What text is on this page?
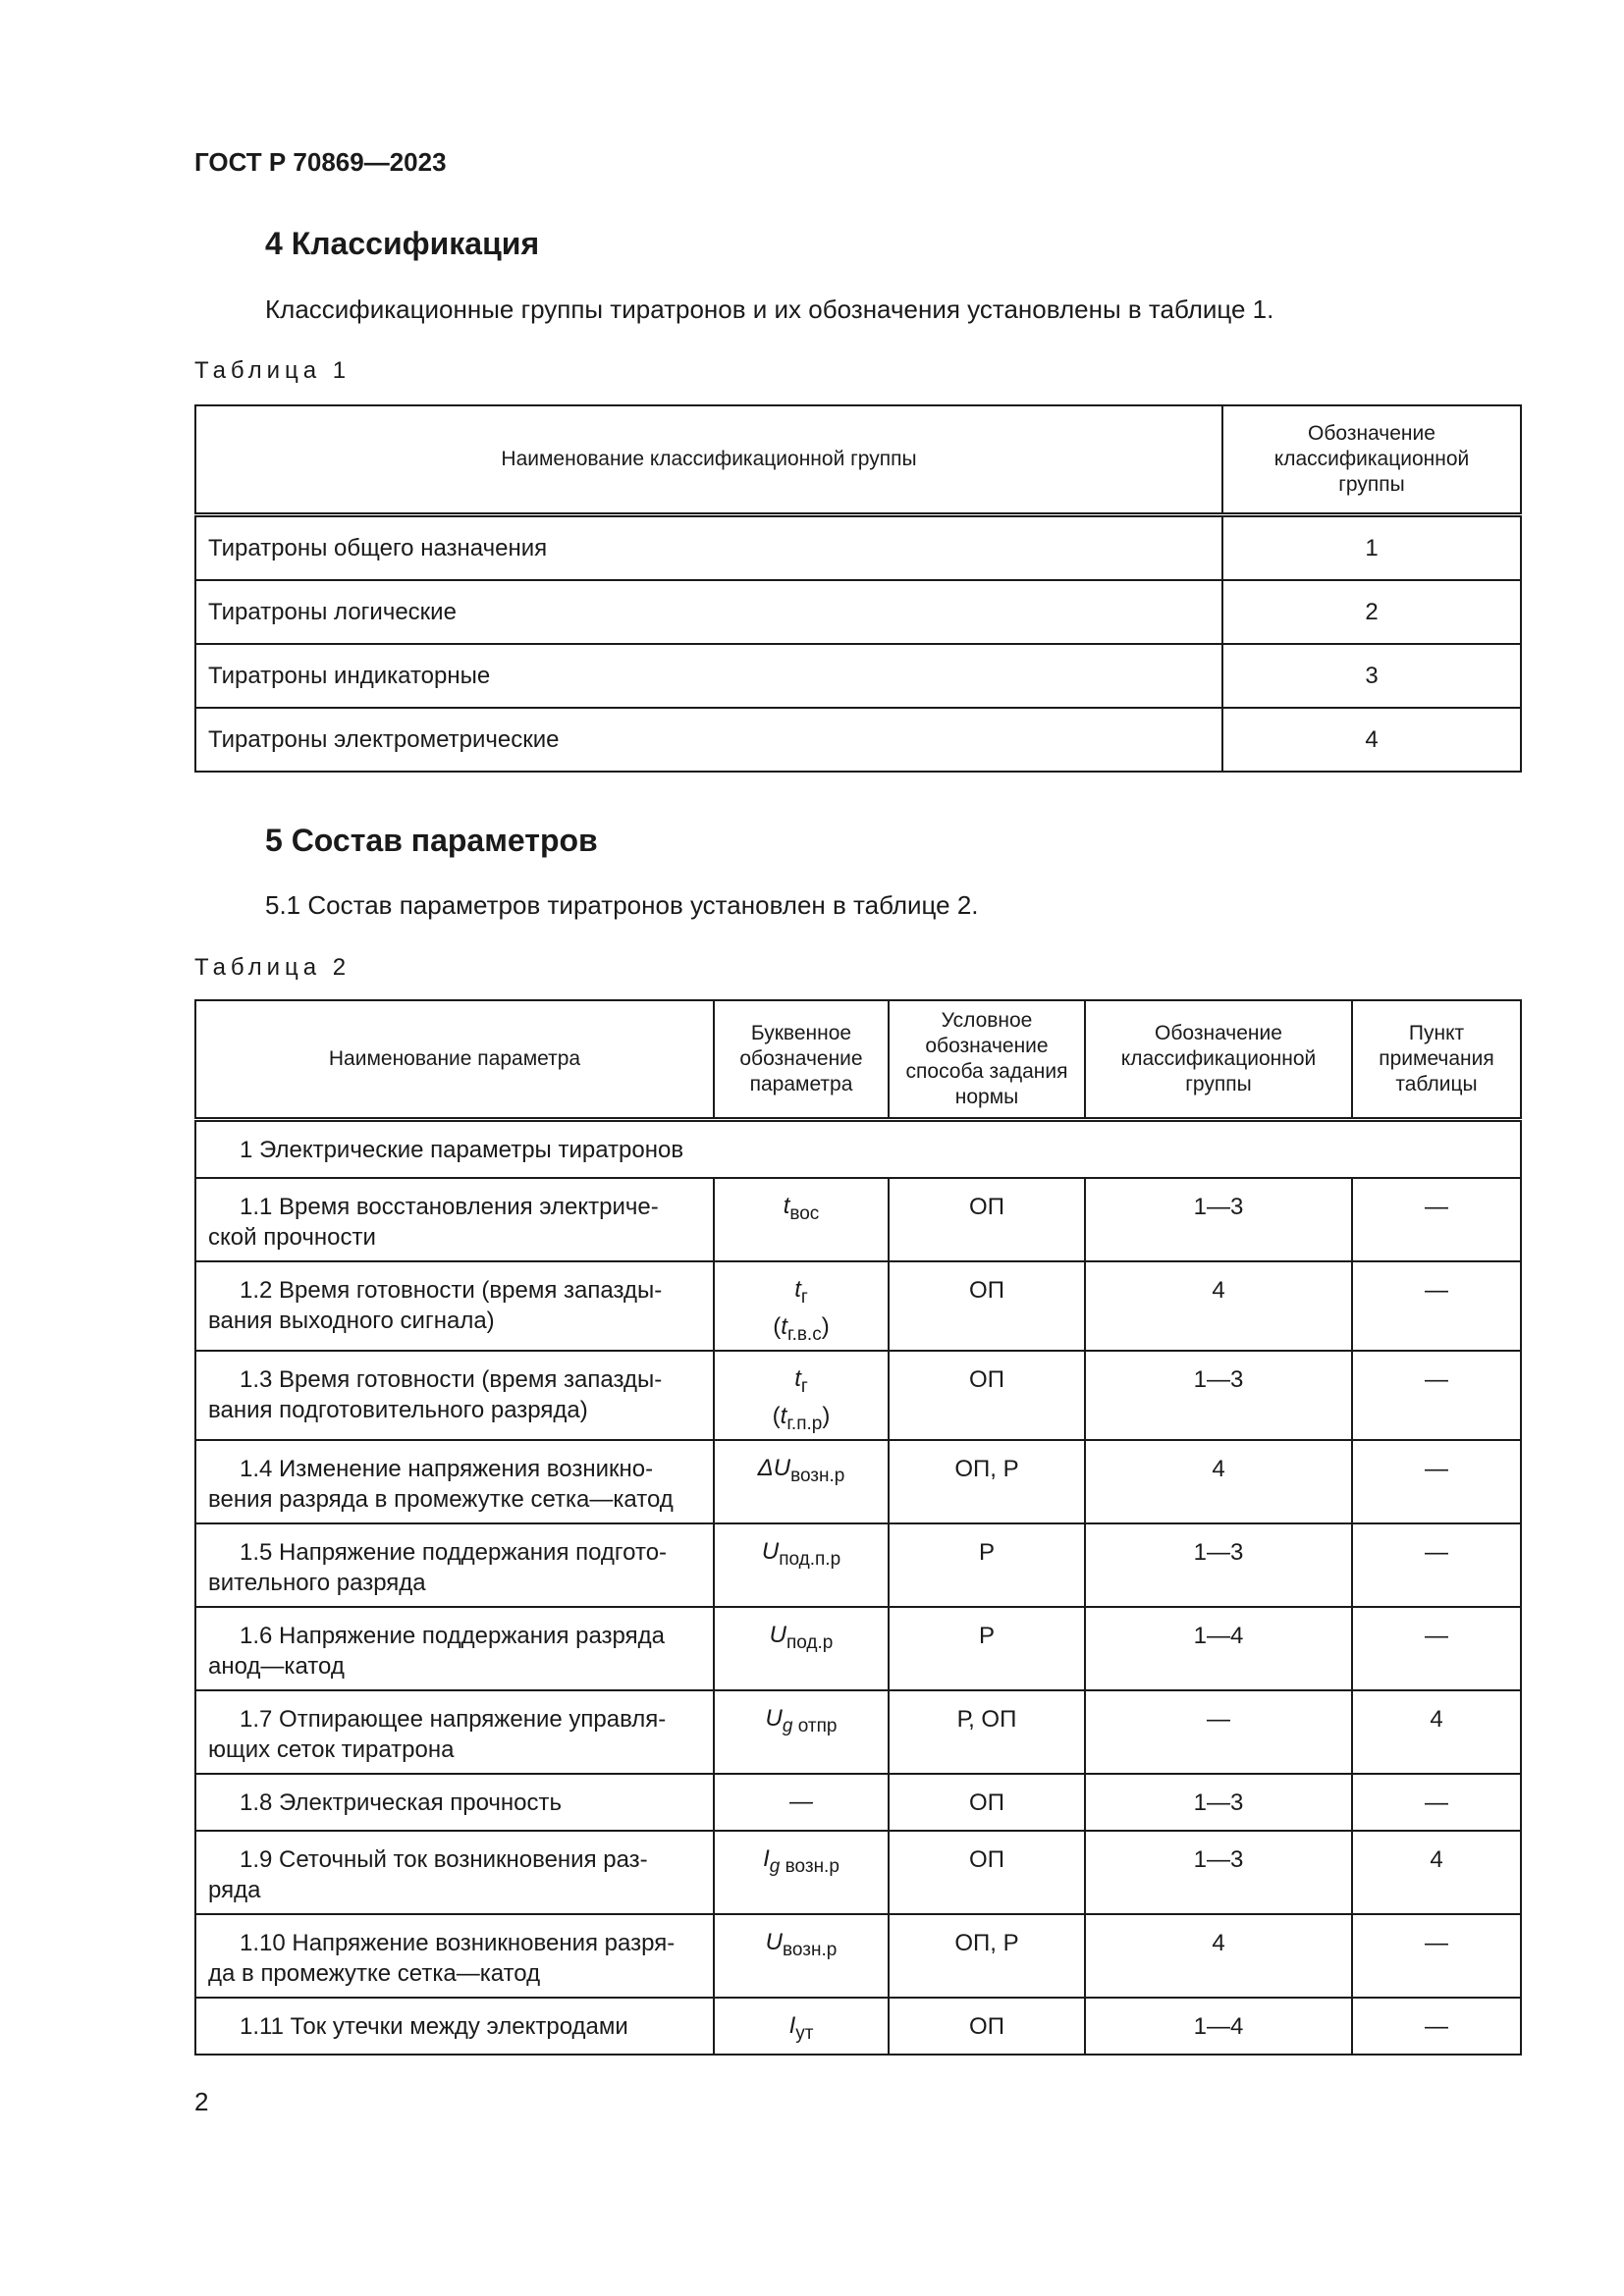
ГОСТ Р 70869—2023
4 Классификация
Классификационные группы тиратронов и их обозначения установлены в таблице 1.
Таблица 1
Наименование классификационной группы	Обозначение классификационной группы
Тиратроны общего назначения	1
Тиратроны логические	2
Тиратроны индикаторные	3
Тиратроны электрометрические	4
5 Состав параметров
5.1 Состав параметров тиратронов установлен в таблице 2.
Таблица 2
Наименование параметра	Буквенное обозначение параметра	Условное обозначение способа задания нормы	Обозначение классификационной группы	Пункт примечания таблицы
1 Электрические параметры тиратронов				
1.1 Время восстановления электриче-
ской прочности	$t_{вос}$	ОП	1—3	—
1.2 Время готовности (время запазды-
вания выходного сигнала)	$t_г$
$(t_{г.в.с})$	ОП	4	—
1.3 Время готовности (время запазды-
вания подготовительного разряда)	$t_г$
$(t_{г.п.р})$	ОП	1—3	—
1.4 Изменение напряжения возникно-
вения разряда в промежутке сетка—катод	$\Delta U_{возн.р}$	ОП, Р	4	—
1.5 Напряжение поддержания подгото-
вительного разряда	$U_{под.п.р}$	Р	1—3	—
1.6 Напряжение поддержания разряда
анод—катод	$U_{под.р}$	Р	1—4	—
1.7 Отпирающее напряжение управля-
ющих сеток тиратрона	$U_{g отпр}$	Р, ОП	—	4
1.8 Электрическая прочность	—	ОП	1—3	—
1.9 Сеточный ток возникновения раз-
ряда	$I_{g возн.р}$	ОП	1—3	4
1.10 Напряжение возникновения разря-
да в промежутке сетка—катод	$U_{возн.р}$	ОП, Р	4	—
1.11 Ток утечки между электродами	$I_{ут}$	ОП	1—4	—
2
